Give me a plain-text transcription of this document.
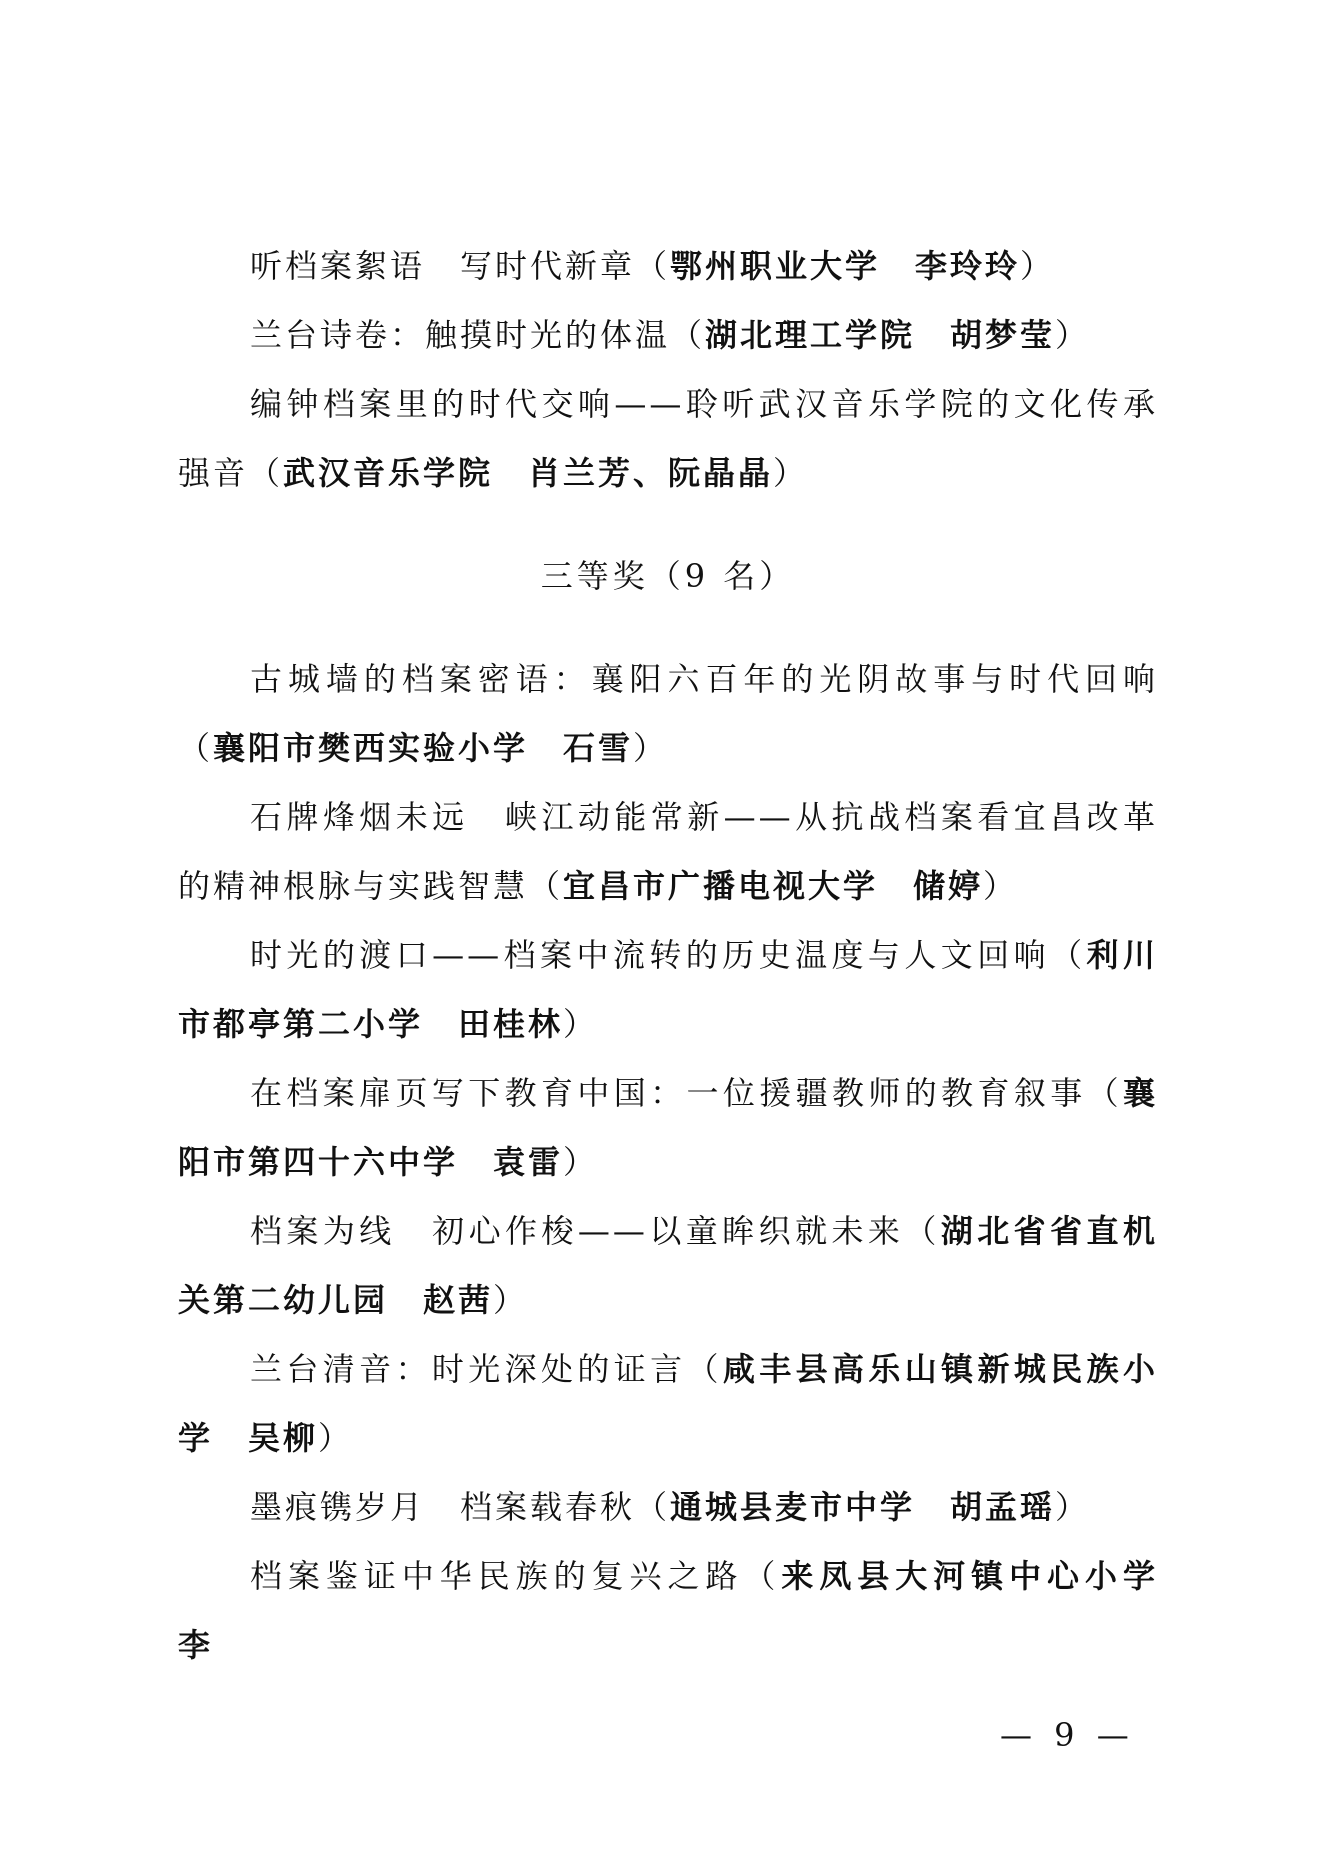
听档案絮语　写时代新章（鄂州职业大学　李玲玲）

兰台诗卷：触摸时光的体温（湖北理工学院　胡梦莹）

编钟档案里的时代交响——聆听武汉音乐学院的文化传承强音（武汉音乐学院　肖兰芳、阮晶晶）

三等奖（9 名）

古城墙的档案密语：襄阳六百年的光阴故事与时代回响（襄阳市樊西实验小学　石雪）

石牌烽烟未远　峡江动能常新——从抗战档案看宜昌改革的精神根脉与实践智慧（宜昌市广播电视大学　储婷）

时光的渡口——档案中流转的历史温度与人文回响（利川市都亭第二小学　田桂林）

在档案扉页写下教育中国：一位援疆教师的教育叙事（襄阳市第四十六中学　袁雷）

档案为线　初心作梭——以童眸织就未来（湖北省省直机关第二幼儿园　赵茜）

兰台清音：时光深处的证言（咸丰县高乐山镇新城民族小学　吴柳）

墨痕镌岁月　档案载春秋（通城县麦市中学　胡孟瑶）

档案鉴证中华民族的复兴之路（来凤县大河镇中心小学　李

— 9 —
